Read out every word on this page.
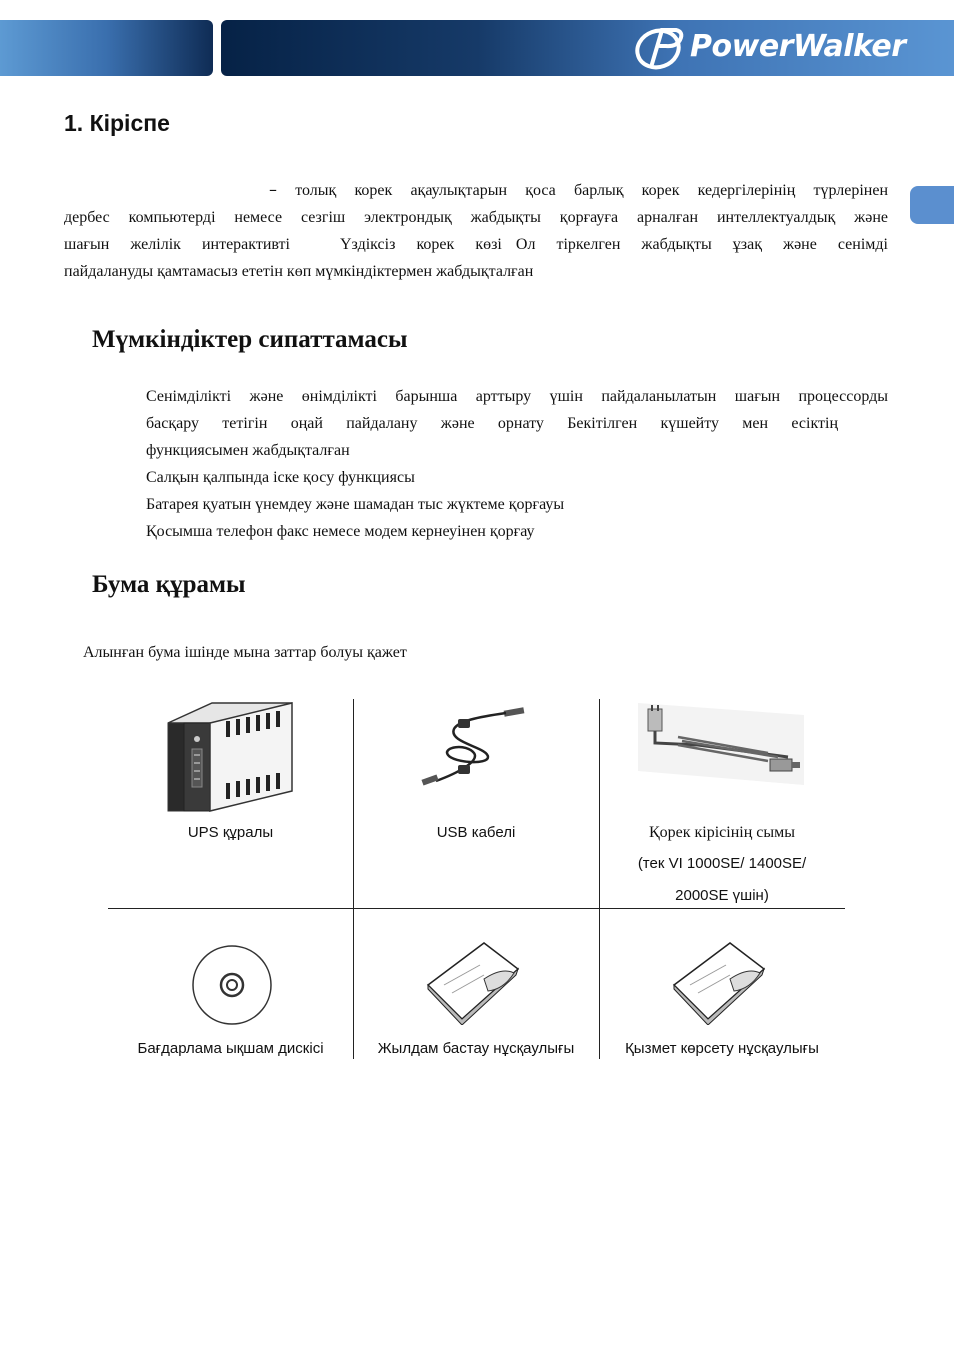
PowerWalker
1. Кіріспе
– толық корек ақаулықтарын қоса барлық корек кедергілерінің түрлерінен
дербес компьютерді немесе сезгіш электрондық жабдықты қорғауға арналған интеллектуалдық және
шағын желілік интерактивті	Үздіксіз корек көзі Ол тіркелген жабдықты ұзақ және сенімді
пайдалануды қамтамасыз ететін көп мүмкіндіктермен жабдықталған
Мүмкіндіктер сипаттамасы

Сенімділікті және өнімділікті барынша арттыру үшін пайдаланылатын шағын процессорды

басқару тетігін оңай пайдалану және орнату Бекітілген күшейту мен есіктің

функциясымен жабдықталған

Салқын қалпында іске қосу функциясы

Батарея қуатын үнемдеу және шамадан тыс жүктеме қорғауы

Қосымша телефон факс немесе модем кернеуінен қорғау

Бума құрамы
Алынған бума ішінде мына заттар болуы қажет
UPS құралы	USB кабелі	Қорек кірісінің сымы
(тек VI 1000SE/ 1400SE/
2000SE үшін)
Бағдарлама ықшам дискісі	Жылдам бастау нұсқаулығы	Қызмет көрсету нұсқаулығы
